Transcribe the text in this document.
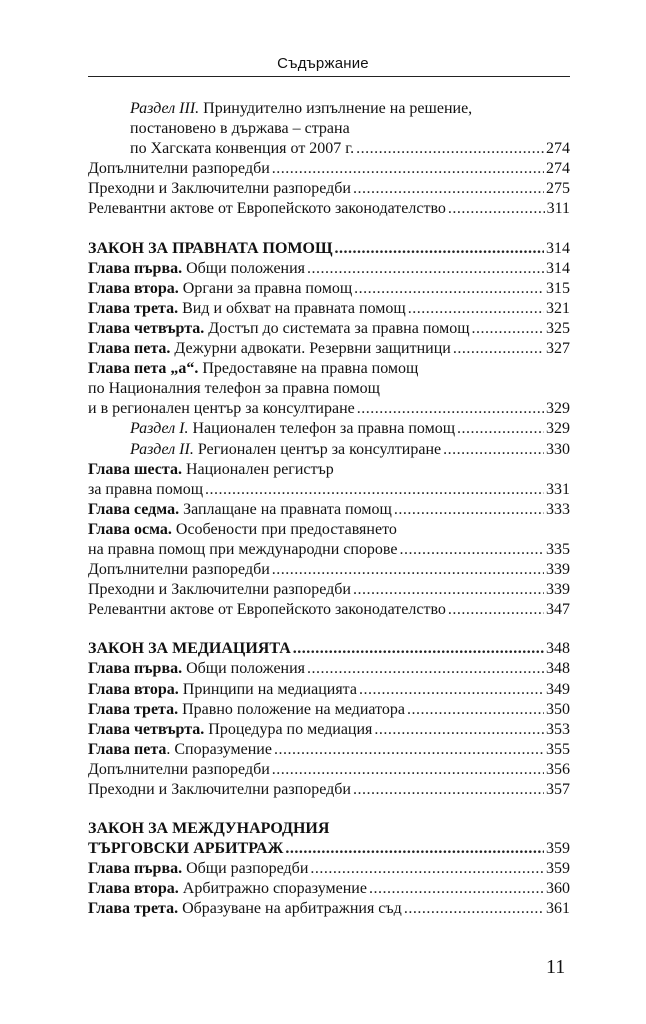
Съдържание
Раздел III. Принудително изпълнение на решение,
постановено в държава – страна
по Хагската конвенция от 2007 г. .....	274
Допълнителни разпоредби .....	274
Преходни и Заключителни разпоредби .....	275
Релевантни актове от Европейското законодателство .....	311
ЗАКОН ЗА ПРАВНАТА ПОМОЩ .....	314
Глава първа. Общи положения .....	314
Глава втора. Органи за правна помощ .....	315
Глава трета. Вид и обхват на правната помощ .....	321
Глава четвърта. Достъп до системата за правна помощ .....	325
Глава пета. Дежурни адвокати. Резервни защитници .....	327
Глава пета „а“. Предоставяне на правна помощ
по Националния телефон за правна помощ
и в регионален център за консултиране .....	329
Раздел I. Национален телефон за правна помощ .....	329
Раздел II. Регионален център за консултиране .....	330
Глава шеста. Национален регистър
за правна помощ .....	331
Глава седма. Заплащане на правната помощ .....	333
Глава осма. Особености при предоставянето
на правна помощ при международни спорове .....	335
Допълнителни разпоредби .....	339
Преходни и Заключителни разпоредби .....	339
Релевантни актове от Европейското законодателство .....	347
ЗАКОН ЗА МЕДИАЦИЯТА .....	348
Глава първа. Общи положения .....	348
Глава втора. Принципи на медиацията .....	349
Глава трета. Правно положение на медиатора .....	350
Глава четвърта. Процедура по медиация .....	353
Глава пета. Споразумение .....	355
Допълнителни разпоредби .....	356
Преходни и Заключителни разпоредби .....	357
ЗАКОН ЗА МЕЖДУНАРОДНИЯ
ТЪРГОВСКИ АРБИТРАЖ .....	359
Глава първа. Общи разпоредби .....	359
Глава втора. Арбитражно споразумение .....	360
Глава трета. Образуване на арбитражния съд .....	361
11
